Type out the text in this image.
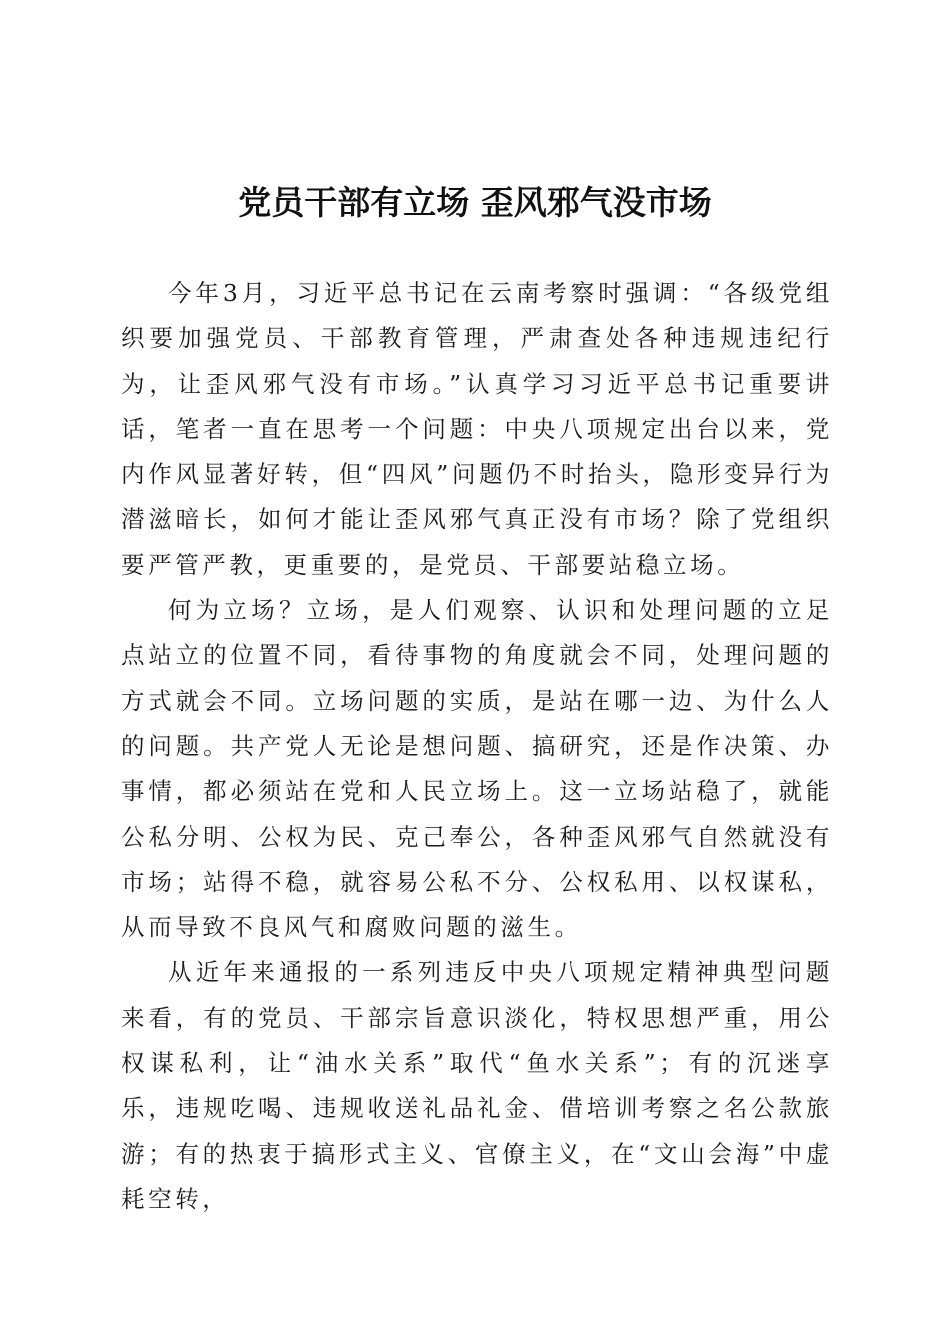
党员干部有立场 歪风邪气没市场

今年3月，习近平总书记在云南考察时强调：“各级党组织要加强党员、干部教育管理，严肃查处各种违规违纪行为，让歪风邪气没有市场。”认真学习习近平总书记重要讲话，笔者一直在思考一个问题：中央八项规定出台以来，党内作风显著好转，但“四风”问题仍不时抬头，隐形变异行为潜滋暗长，如何才能让歪风邪气真正没有市场？除了党组织要严管严教，更重要的，是党员、干部要站稳立场。

何为立场？立场，是人们观察、认识和处理问题的立足点站立的位置不同，看待事物的角度就会不同，处理问题的方式就会不同。立场问题的实质，是站在哪一边、为什么人的问题。共产党人无论是想问题、搞研究，还是作决策、办事情，都必须站在党和人民立场上。这一立场站稳了，就能公私分明、公权为民、克己奉公，各种歪风邪气自然就没有市场；站得不稳，就容易公私不分、公权私用、以权谋私，从而导致不良风气和腐败问题的滋生。

从近年来通报的一系列违反中央八项规定精神典型问题来看，有的党员、干部宗旨意识淡化，特权思想严重，用公权谋私利，让“油水关系”取代“鱼水关系”；有的沉迷享乐，违规吃喝、违规收送礼品礼金、借培训考察之名公款旅游；有的热衷于搞形式主义、官僚主义，在“文山会海”中虚耗空转，
